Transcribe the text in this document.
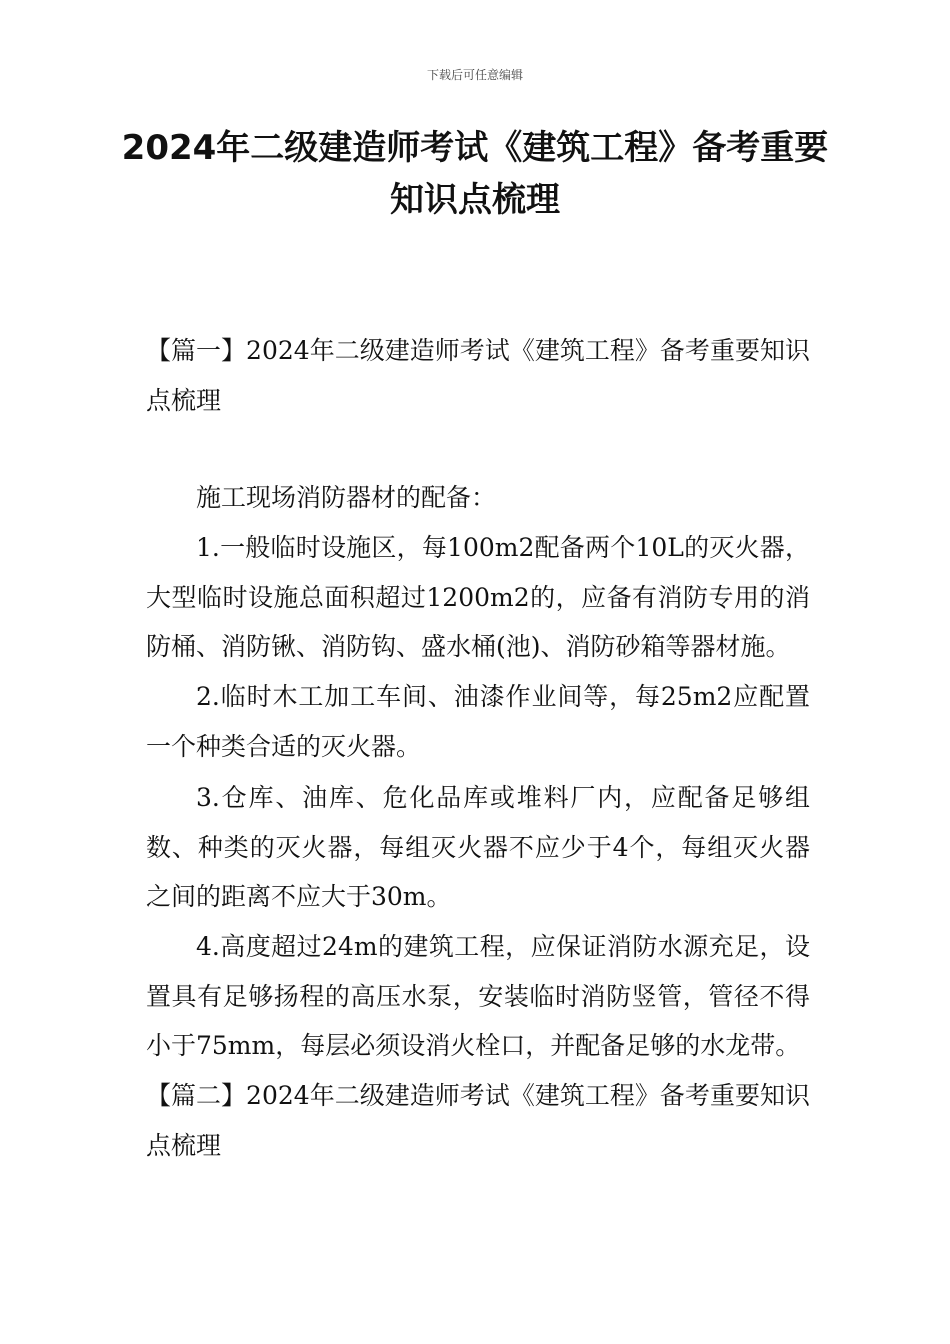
下载后可任意编辑
2024年二级建造师考试《建筑工程》备考重要知识点梳理

【篇一】2024年二级建造师考试《建筑工程》备考重要知识点梳理

施工现场消防器材的配备：

1.一般临时设施区，每100m2配备两个10L的灭火器，大型临时设施总面积超过1200m2的，应备有消防专用的消防桶、消防锹、消防钩、盛水桶(池)、消防砂箱等器材施。

2.临时木工加工车间、油漆作业间等，每25m2应配置一个种类合适的灭火器。

3.仓库、油库、危化品库或堆料厂内，应配备足够组数、种类的灭火器，每组灭火器不应少于4个，每组灭火器之间的距离不应大于30m。

4.高度超过24m的建筑工程，应保证消防水源充足，设置具有足够扬程的高压水泵，安装临时消防竖管，管径不得小于75mm，每层必须设消火栓口，并配备足够的水龙带。

【篇二】2024年二级建造师考试《建筑工程》备考重要知识点梳理
